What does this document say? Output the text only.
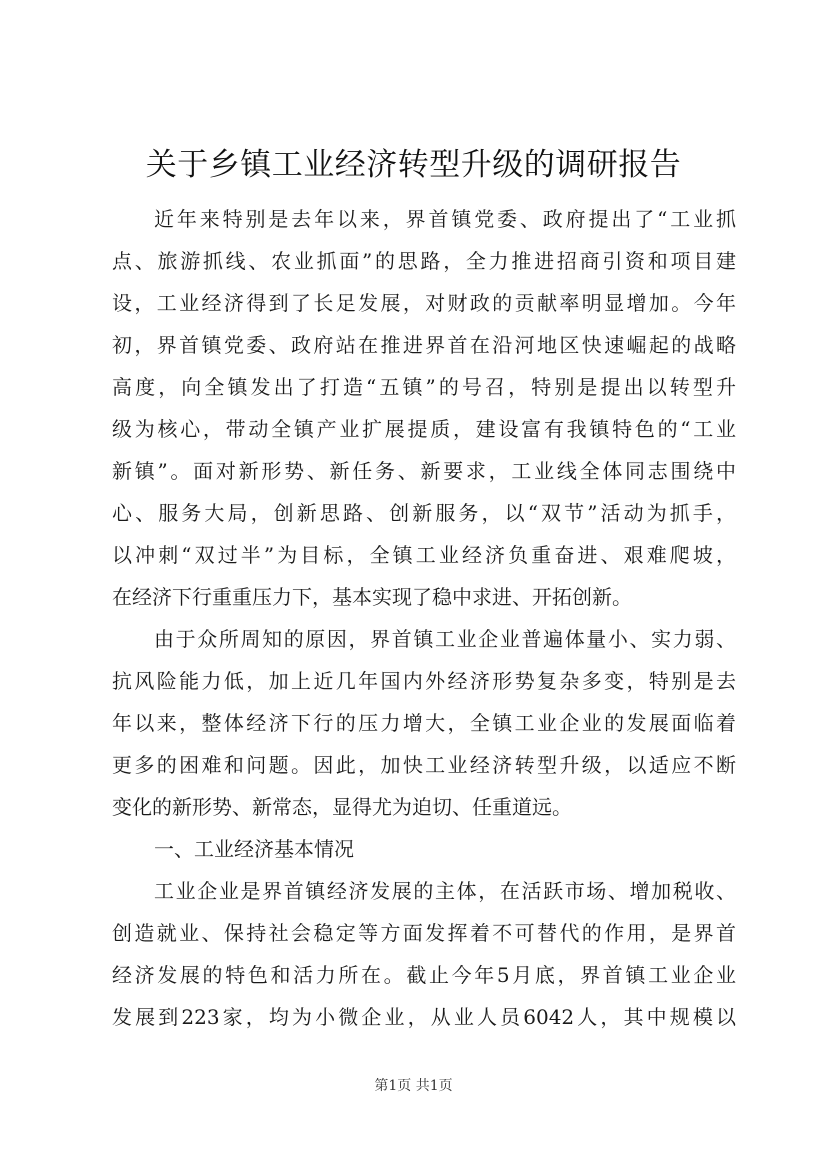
关于乡镇工业经济转型升级的调研报告
近年来特别是去年以来，界首镇党委、政府提出了“工业抓
点、旅游抓线、农业抓面”的思路，全力推进招商引资和项目建
设，工业经济得到了长足发展，对财政的贡献率明显增加。今年
初，界首镇党委、政府站在推进界首在沿河地区快速崛起的战略
高度，向全镇发出了打造“五镇”的号召，特别是提出以转型升
级为核心，带动全镇产业扩展提质，建设富有我镇特色的“工业
新镇”。面对新形势、新任务、新要求，工业线全体同志围绕中
心、服务大局，创新思路、创新服务，以“双节”活动为抓手，
以冲刺“双过半”为目标，全镇工业经济负重奋进、艰难爬坡，
在经济下行重重压力下，基本实现了稳中求进、开拓创新。
由于众所周知的原因，界首镇工业企业普遍体量小、实力弱、
抗风险能力低，加上近几年国内外经济形势复杂多变，特别是去
年以来，整体经济下行的压力增大，全镇工业企业的发展面临着
更多的困难和问题。因此，加快工业经济转型升级，以适应不断
变化的新形势、新常态，显得尤为迫切、任重道远。
一、工业经济基本情况
工业企业是界首镇经济发展的主体，在活跃市场、增加税收、
创造就业、保持社会稳定等方面发挥着不可替代的作用，是界首
经济发展的特色和活力所在。截止今年5月底，界首镇工业企业
发展到223家，均为小微企业，从业人员6042人，其中规模以
第1页 共1页
